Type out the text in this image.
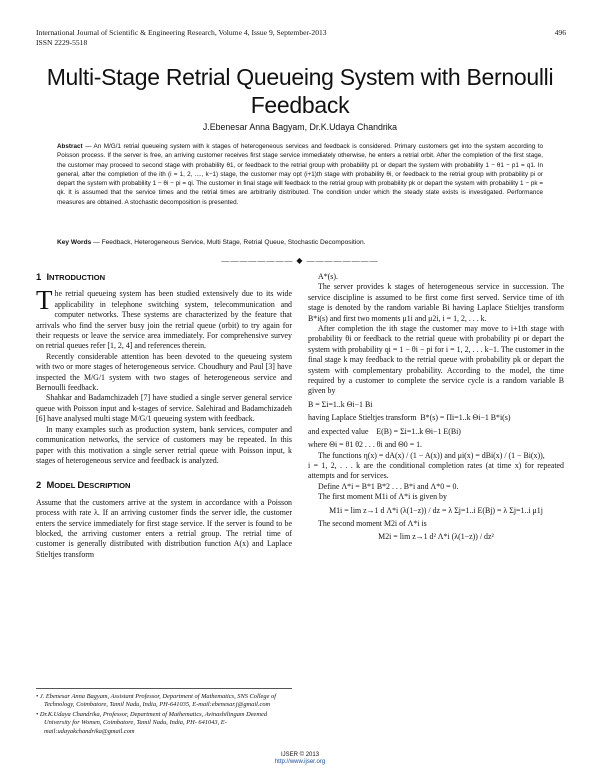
International Journal of Scientific & Engineering Research, Volume 4, Issue 9, September-2013	496
ISSN 2229-5518
Multi-Stage Retrial Queueing System with Bernoulli Feedback
J.Ebenesar Anna Bagyam, Dr.K.Udaya Chandrika
Abstract — An M/G/1 retrial queueing system with k stages of heterogeneous services and feedback is considered. Primary customers get into the system according to Poisson process. If the server is free, an arriving customer receives first stage service immediately otherwise, he enters a retrial orbit. After the completion of the first stage, the customer may proceed to second stage with probability θ1, or feedback to the retrial group with probability p1 or depart the system with probability 1 − θ1 − p1 = q1. In general, after the completion of the ith (i = 1, 2, ...., k−1) stage, the customer may opt (i+1)th stage with probability θi, or feedback to the retrial group with probability pi or depart the system with probability 1 − θi − pi = qi. The customer in final stage will feedback to the retrial group with probability pk or depart the system with probability 1 − pk = qk. It is assumed that the service times and the retrial times are arbitrarily distributed. The condition under which the steady state exists is investigated. Performance measures are obtained. A stochastic decomposition is presented.
Key Words — Feedback, Heterogeneous Service, Multi Stage, Retrial Queue, Stochastic Decomposition.
———————— ◆ ————————
1 INTRODUCTION

The retrial queueing system has been studied extensively due to its wide applicability in telephone switching system, telecommunication and computer networks. These systems are characterized by the feature that arrivals who find the server busy join the retrial queue (orbit) to try again for their requests or leave the service area immediately. For comprehensive survey on retrial queues refer [1, 2, 4] and references therein.

Recently considerable attention has been devoted to the queueing system with two or more stages of heterogeneous service. Choudhury and Paul [3] have inspected the M/G/1 system with two stages of heterogeneous service and Bernoulli feedback.

Shahkar and Badamchizadeh [7] have studied a single server general service queue with Poisson input and k-stages of service. Salehirad and Badamchizadeh [6] have analysed multi stage M/G/1 queueing system with feedback.

In many examples such as production system, bank services, computer and communication networks, the service of customers may be repeated. In this paper with this motivation a single server retrial queue with Poisson input, k stages of heterogeneous service and feedback is analyzed.

2 MODEL DESCRIPTION

Assume that the customers arrive at the system in accordance with a Poisson process with rate λ. If an arriving customer finds the server idle, the customer enters the service immediately for first stage service. If the server is found to be blocked, the arriving customer enters a retrial group. The retrial time of customer is generally distributed with distribution function A(x) and Laplace Stieltjes transform

A*(s).

The server provides k stages of heterogeneous service in succession. The service discipline is assumed to be first come first served. Service time of ith stage is denoted by the random variable Bi having Laplace Stieltjes transform B*i(s) and first two moments μ1i and μ2i, i = 1, 2, . . . k.

After completion the ith stage the customer may move to i+1th stage with probability θi or feedback to the retrial queue with probability pi or depart the system with probability qi = 1 − θi − pi for i = 1, 2, . . . k−1. The customer in the final stage k may feedback to the retrial queue with probability pk or depart the system with complementary probability. According to the model, the time required by a customer to complete the service cycle is a random variable B given by

B = Σi=1..k Θi−1 Bi
having Laplace Stieltjes transform B*(s) = Πi=1..k Θi−1 B*i(s)
and expected value E(B) = Σi=1..k Θi−1 E(Bi)

where Θi = θ1 θ2 . . . θi and Θ0 = 1.

The functions η(x) = dA(x) / (1 − A(x)) and μi(x) = dBi(x) / (1 − Bi(x)),

i = 1, 2, . . . k are the conditional completion rates (at time x) for repeated attempts and for services.

Define Λ*i = B*1 B*2 . . . B*i and Λ*0 = 0.

The first moment M1i of Λ*i is given by

M1i = lim z→1 d Λ*i (λ(1−z)) / dz = λ Σj=1..i E(Bj) = λ Σj=1..i μ1j

The second moment M2i of Λ*i is

M2i = lim z→1 d² Λ*i (λ(1−z)) / dz²
• J. Ebenesar Anna Bagyam, Assistant Professor, Department of Mathematics, SNS College of Technology, Coimbatore, Tamil Nadu, India, PH-641035, E-mail:ebenesar.j@gmail.com
• Dr.K.Udaya Chandrika, Professor, Department of Mathematics, Avinashilingam Deemed University for Women, Coimbatore, Tamil Nadu, India, PH- 641043, E-mail:udayakchandrika@gmail.com
IJSER © 2013
http://www.ijser.org
